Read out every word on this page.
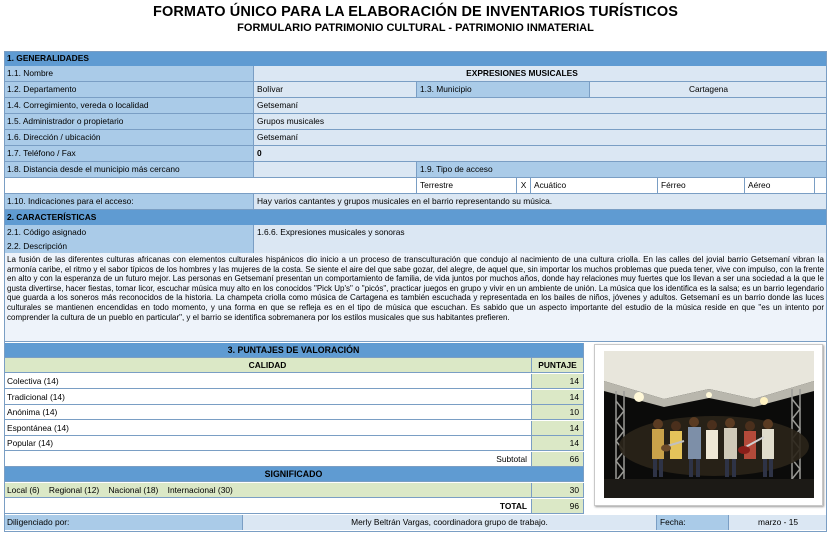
FORMATO ÚNICO PARA LA ELABORACIÓN DE INVENTARIOS TURÍSTICOS
FORMULARIO PATRIMONIO CULTURAL - PATRIMONIO INMATERIAL
1. GENERALIDADES
1.1. Nombre	EXPRESIONES MUSICALES
1.2. Departamento	Bolívar	1.3. Municipio	Cartagena
1.4. Corregimiento, vereda o localidad	Getsemaní
1.5. Administrador o propietario	Grupos musicales
1.6. Dirección / ubicación	Getsemaní
1.7. Teléfono / Fax	0
1.8. Distancia desde el municipio más cercano	1.9. Tipo de acceso
Terrestre	X Acuático	Férreo	Aéreo
1.10. Indicaciones para el acceso:	Hay varios cantantes y grupos musicales en el barrio representando su música.
2. CARACTERÍSTICAS
2.1. Código asignado	1.6.6. Expresiones musicales y sonoras
2.2. Descripción
La fusión de las diferentes culturas africanas con elementos culturales hispánicos dio inicio a un proceso de transculturación que condujo al nacimiento de una cultura criolla. En las calles del jovial barrio Getsemaní vibran la armonía caribe, el ritmo y el sabor típicos de los hombres y las mujeres de la costa. Se siente el aire del que sabe gozar, del alegre, de aquel que, sin importar los muchos problemas que pueda tener, vive con impulso, con la frente en alto y con la esperanza de un futuro mejor. Las personas en Getsemaní presentan un comportamiento de familia, de vida juntos por muchos años, donde hay relaciones muy fuertes que los llevan a ser una sociedad a la que le gusta divertirse, hacer fiestas, tomar licor, escuchar música muy alto en los conocidos "Pick Up's" o "picós", practicar juegos en grupo y vivir en un ambiente de unión. La música que los identifica es la salsa; es un barrio legendario que guarda a los soneros más reconocidos de la historia. La champeta criolla como música de Cartagena es también escuchada y representada en los bailes de niños, jóvenes y adultos. Getsemaní es un barrio donde las luces culturales se mantienen encendidas en todo momento, y una forma en que se refleja es en el tipo de música que escuchan. Es sabido que un aspecto importante del estudio de la música reside en que "es un intento por comprender la cultura de un pueblo en particular", y el barrio se identifica sobremanera por los estilos musicales que sus habitantes prefieren.
3. PUNTAJES DE VALORACIÓN
CALIDAD	PUNTAJE
Colectiva (14)	14
Tradicional (14)	14
Anónima (14)	10
Espontánea (14)	14
Popular (14)	14
Subtotal	66
SIGNIFICADO
Local (6) Regional (12) Nacional (18) Internacional (30)	30
TOTAL	96
Diligenciado por:	Merly Beltrán Vargas, coordinadora grupo de trabajo.	Fecha:	marzo - 15
